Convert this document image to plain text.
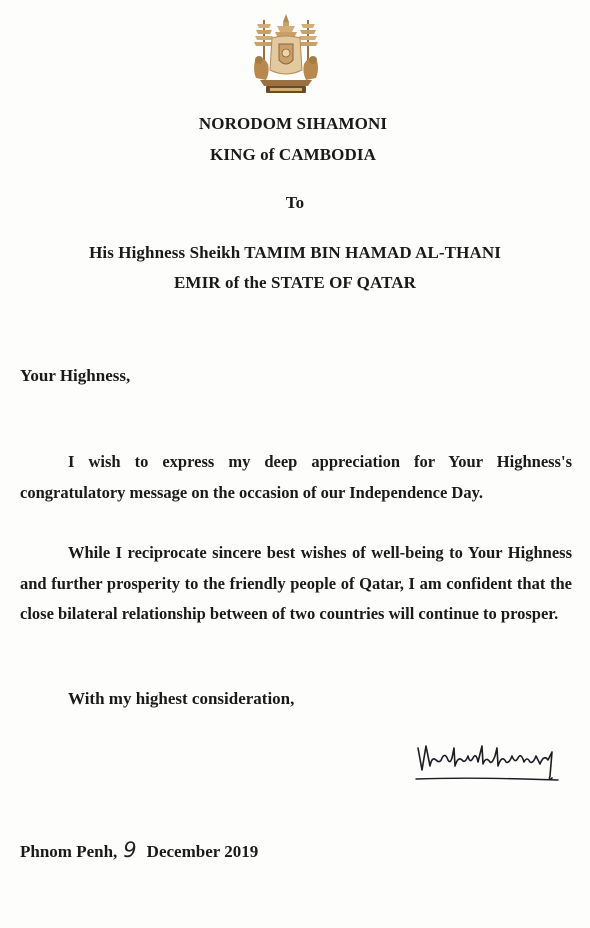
NORODOM SIHAMONI
KING of CAMBODIA
To
His Highness Sheikh TAMIM BIN HAMAD AL-THANI
EMIR of the STATE OF QATAR
Your Highness,
I wish to express my deep appreciation for Your Highness's congratulatory message on the occasion of our Independence Day.
While I reciprocate sincere best wishes of well-being to Your Highness and further prosperity to the friendly people of Qatar, I am confident that the close bilateral relationship between of two countries will continue to prosper.
With my highest consideration,
Phnom Penh, 9 December 2019
